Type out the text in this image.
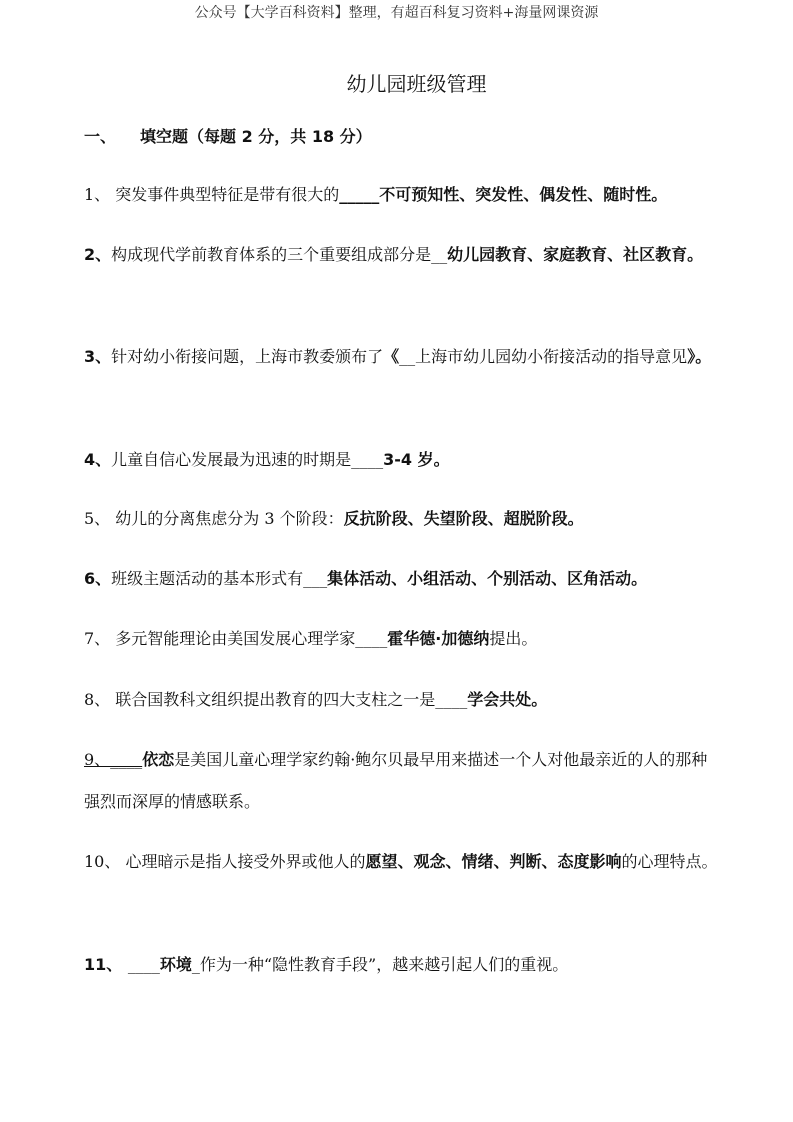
公众号【大学百科资料】整理，有超百科复习资料+海量网课资源
幼儿园班级管理
一、 填空题（每题 2 分，共 18 分）
1、 突发事件典型特征是带有很大的_____不可预知性、突发性、偶发性、随时性。
2、构成现代学前教育体系的三个重要组成部分是__幼儿园教育、家庭教育、社区教育。
3、针对幼小衔接问题，上海市教委颁布了《__上海市幼儿园幼小衔接活动的指导意见》。
4、儿童自信心发展最为迅速的时期是____3-4 岁。
5、 幼儿的分离焦虑分为 3 个阶段：反抗阶段、失望阶段、超脱阶段。
6、班级主题活动的基本形式有___集体活动、小组活动、个别活动、区角活动。
7、 多元智能理论由美国发展心理学家____霍华德·加德纳提出。
8、 联合国教科文组织提出教育的四大支柱之一是____学会共处。
9、____依恋是美国儿童心理学家约翰·鲍尔贝最早用来描述一个人对他最亲近的人的那种强烈而深厚的情感联系。
10、 心理暗示是指人接受外界或他人的愿望、观念、情绪、判断、态度影响的心理特点。
11、 ____环境_作为一种“隐性教育手段”，越来越引起人们的重视。
